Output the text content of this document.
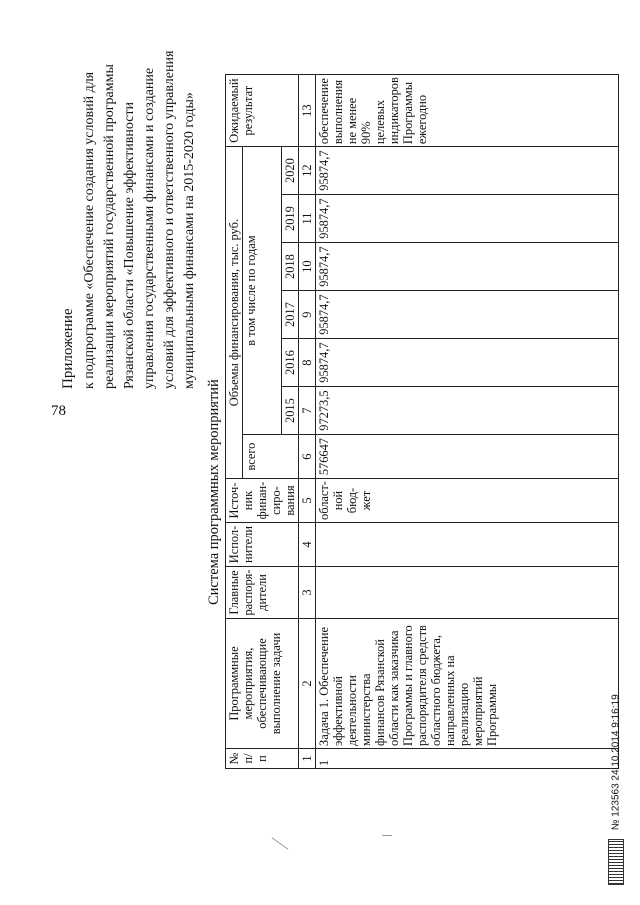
78
Приложение к подпрограмме «Обеспечение создания условий для реализации мероприятий государственной программы Рязанской области «Повышение эффективности управления государственными финансами и создание условий для эффективного и ответственного управления муниципальными финансами на 2015-2020 годы»
Система программных мероприятий
№ п/п	Программные мероприятия, обеспечивающие выполнение задачи	Главные распоря-дители	Испол-нители	Источ-ник финан-сиро-вания	Объемы финансирования, тыс. руб.							Ожидаемый результат
					всего	в том числе по годам						
						2015	2016	2017	2018	2019	2020	
1	2	3	4	5	6	7	8	9	10	11	12	13
1	Задача 1. Обеспечение эффективной деятельности министерства финансов Рязанской области как заказчика Программы и главного распорядителя средств областного бюджета, направленных на реализацию мероприятий Программы			област-ной бюд-жет	576647	97273,5	95874,7	95874,7	95874,7	95874,7	95874,7	обеспечение выполнения не менее 90% целевых индикаторов Программы ежегодно
№ 123563 24.10.2014 9:16:19
